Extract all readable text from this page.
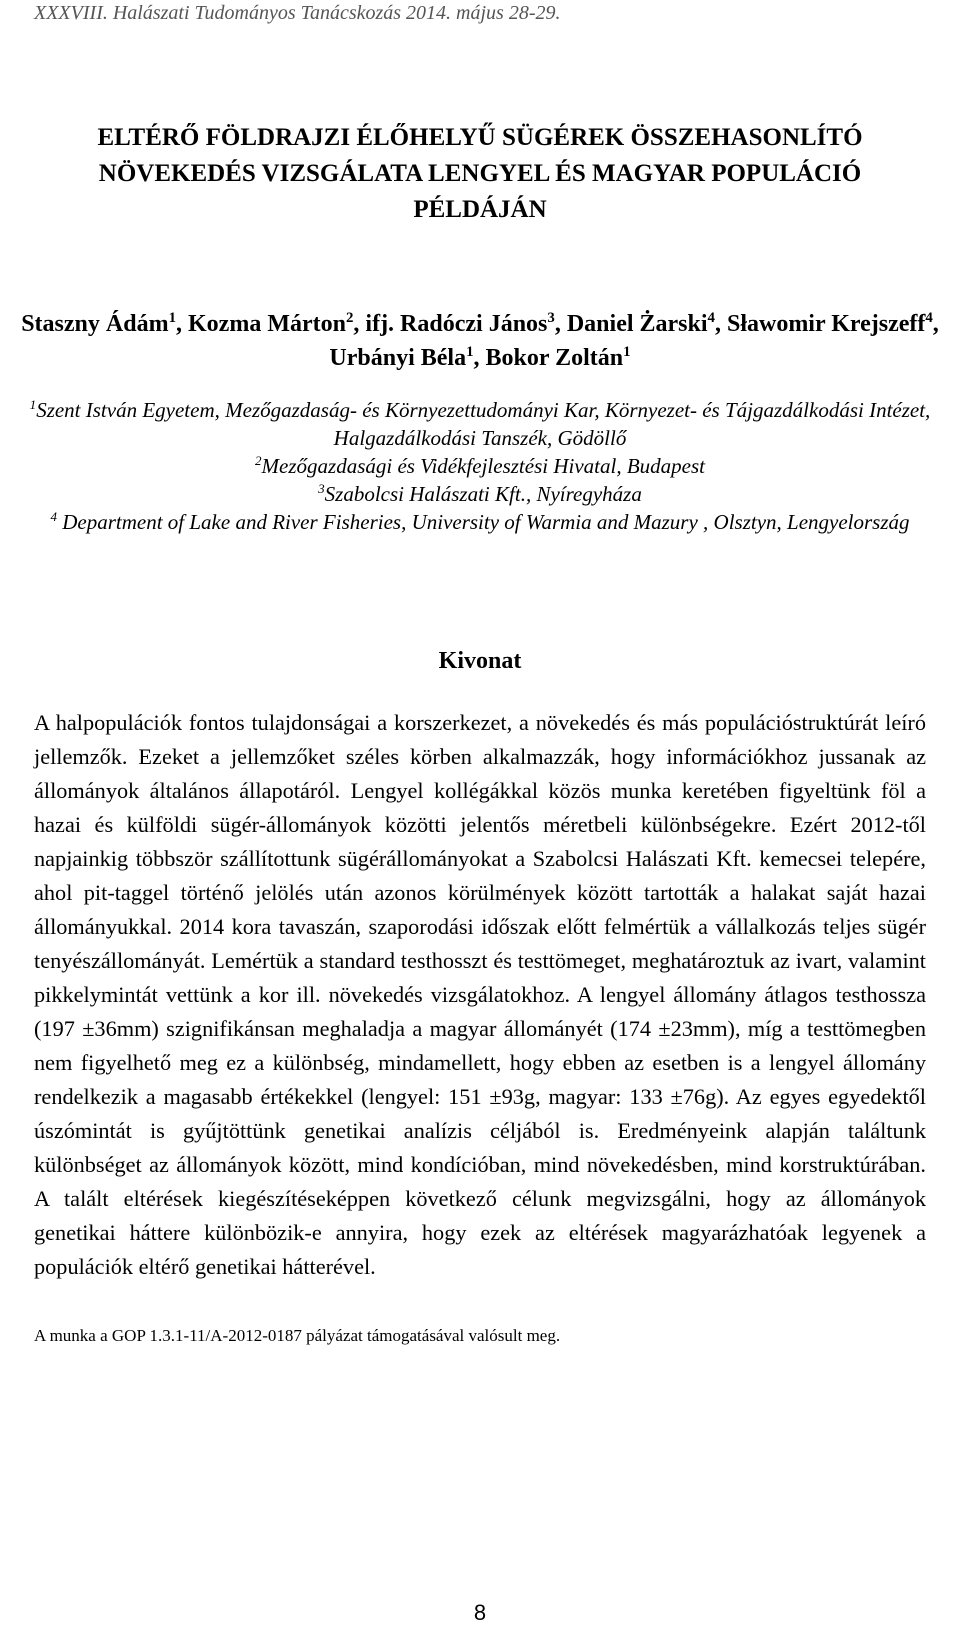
XXXVIII. Halászati Tudományos Tanácskozás 2014. május 28-29.
ELTÉRŐ FÖLDRAJZI ÉLŐHELYŰ SÜGÉREK ÖSSZEHASONLÍTÓ
NÖVEKEDÉS VIZSGÁLATA LENGYEL ÉS MAGYAR POPULÁCIÓ
PÉLDÁJÁN
Staszny Ádám$^1$, Kozma Márton$^2$, ifj. Radóczi János$^3$, Daniel Żarski$^4$, Sławomir Krejszeff$^4$, Urbányi Béla$^1$, Bokor Zoltán$^1$
$^1$Szent István Egyetem, Mezőgazdaság- és Környezettudományi Kar, Környezet- és Tájgazdálkodási Intézet, Halgazdálkodási Tanszék, Gödöllő
$^2$Mezőgazdasági és Vidékfejlesztési Hivatal, Budapest
$^3$Szabolcsi Halászati Kft., Nyíregyháza
$^4$ Department of Lake and River Fisheries, University of Warmia and Mazury , Olsztyn, Lengyelország
Kivonat
A halpopulációk fontos tulajdonságai a korszerkezet, a növekedés és más populációstruktúrát leíró jellemzők. Ezeket a jellemzőket széles körben alkalmazzák, hogy információkhoz jussanak az állományok általános állapotáról. Lengyel kollégákkal közös munka keretében figyeltünk föl a hazai és külföldi sügér-állományok közötti jelentős méretbeli különbségekre. Ezért 2012-től napjainkig többször szállítottunk sügérállományokat a Szabolcsi Halászati Kft. kemecsei telepére, ahol pit-taggel történő jelölés után azonos körülmények között tartották a halakat saját hazai állományukkal. 2014 kora tavaszán, szaporodási időszak előtt felmértük a vállalkozás teljes sügér tenyészállományát. Lemértük a standard testhosszt és testtömeget, meghatároztuk az ivart, valamint pikkelymintát vettünk a kor ill. növekedés vizsgálatokhoz. A lengyel állomány átlagos testhossza (197 ±36mm) szignifikánsan meghaladja a magyar állományét (174 ±23mm), míg a testtömegben nem figyelhető meg ez a különbség, mindamellett, hogy ebben az esetben is a lengyel állomány rendelkezik a magasabb értékekkel (lengyel: 151 ±93g, magyar: 133 ±76g). Az egyes egyedektől úszómintát is gyűjtöttünk genetikai analízis céljából is. Eredményeink alapján találtunk különbséget az állományok között, mind kondícióban, mind növekedésben, mind korstruktúrában. A talált eltérések kiegészítéseképpen következő célunk megvizsgálni, hogy az állományok genetikai háttere különbözik-e annyira, hogy ezek az eltérések magyarázhatóak legyenek a populációk eltérő genetikai hátterével.
A munka a GOP 1.3.1-11/A-2012-0187 pályázat támogatásával valósult meg.
8
